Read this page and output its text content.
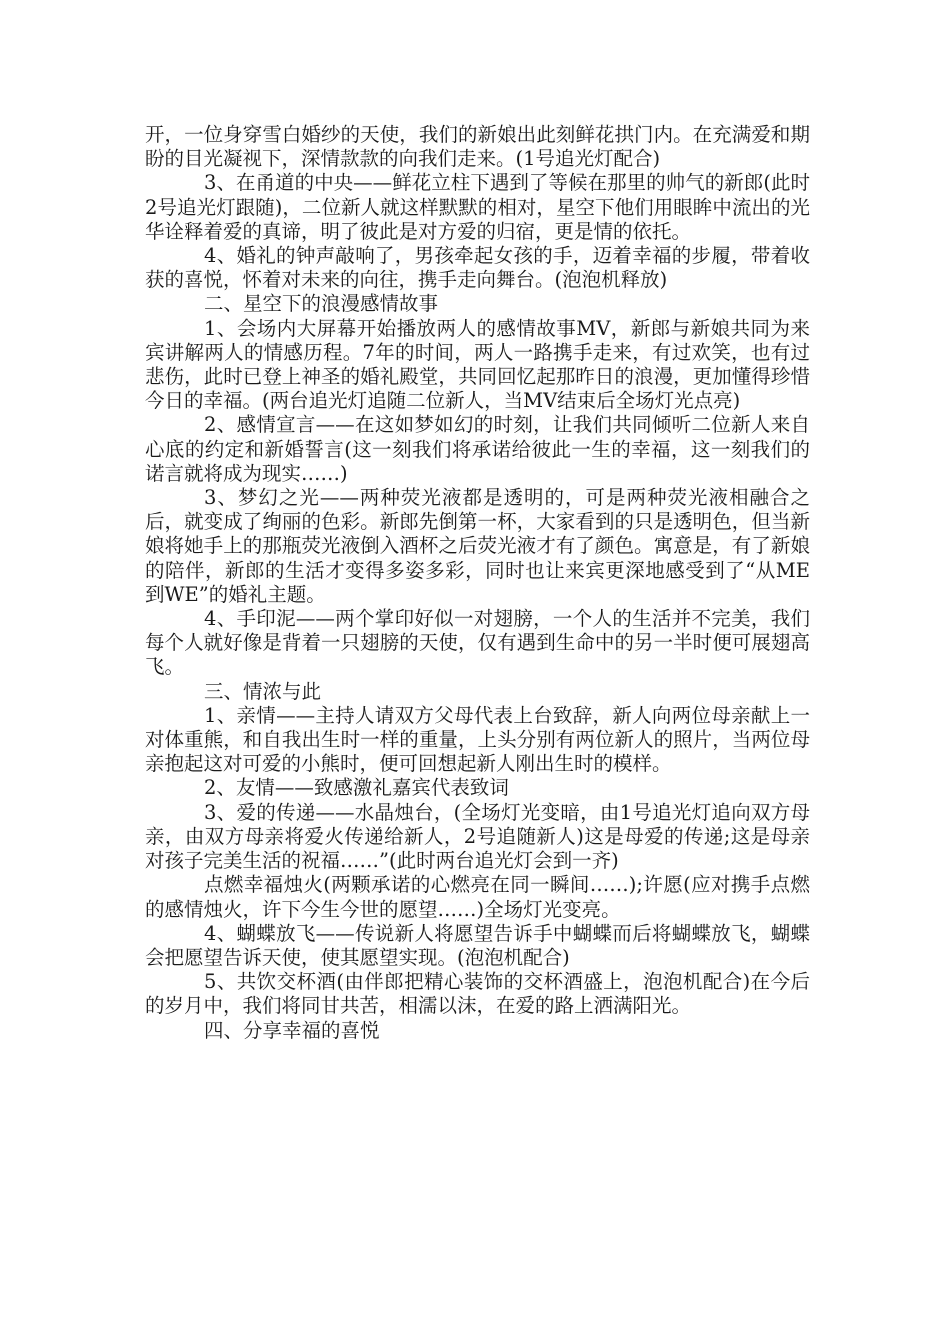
开，一位身穿雪白婚纱的天使，我们的新娘出此刻鲜花拱门内。在充满爱和期盼的目光凝视下，深情款款的向我们走来。(1号追光灯配合)

3、在甬道的中央——鲜花立柱下遇到了等候在那里的帅气的新郎(此时2号追光灯跟随)，二位新人就这样默默的相对，星空下他们用眼眸中流出的光华诠释着爱的真谛，明了彼此是对方爱的归宿，更是情的依托。

4、婚礼的钟声敲响了，男孩牵起女孩的手，迈着幸福的步履，带着收获的喜悦，怀着对未来的向往，携手走向舞台。(泡泡机释放)

二、星空下的浪漫感情故事

1、会场内大屏幕开始播放两人的感情故事MV，新郎与新娘共同为来宾讲解两人的情感历程。7年的时间，两人一路携手走来，有过欢笑，也有过悲伤，此时已登上神圣的婚礼殿堂，共同回忆起那昨日的浪漫，更加懂得珍惜今日的幸福。(两台追光灯追随二位新人，当MV结束后全场灯光点亮)

2、感情宣言——在这如梦如幻的时刻，让我们共同倾听二位新人来自心底的约定和新婚誓言(这一刻我们将承诺给彼此一生的幸福，这一刻我们的诺言就将成为现实……)

3、梦幻之光——两种荧光液都是透明的，可是两种荧光液相融合之后，就变成了绚丽的色彩。新郎先倒第一杯，大家看到的只是透明色，但当新娘将她手上的那瓶荧光液倒入酒杯之后荧光液才有了颜色。寓意是，有了新娘的陪伴，新郎的生活才变得多姿多彩，同时也让来宾更深地感受到了“从ME到WE”的婚礼主题。

4、手印泥——两个掌印好似一对翅膀，一个人的生活并不完美，我们每个人就好像是背着一只翅膀的天使，仅有遇到生命中的另一半时便可展翅高飞。

三、情浓与此

1、亲情——主持人请双方父母代表上台致辞，新人向两位母亲献上一对体重熊，和自我出生时一样的重量，上头分别有两位新人的照片，当两位母亲抱起这对可爱的小熊时，便可回想起新人刚出生时的模样。

2、友情——致感激礼嘉宾代表致词

3、爱的传递——水晶烛台，(全场灯光变暗，由1号追光灯追向双方母亲，由双方母亲将爱火传递给新人，2号追随新人)这是母爱的传递;这是母亲对孩子完美生活的祝福……”(此时两台追光灯会到一齐)

点燃幸福烛火(两颗承诺的心燃亮在同一瞬间……);许愿(应对携手点燃的感情烛火，许下今生今世的愿望……)全场灯光变亮。

4、蝴蝶放飞——传说新人将愿望告诉手中蝴蝶而后将蝴蝶放飞，蝴蝶会把愿望告诉天使，使其愿望实现。(泡泡机配合)

5、共饮交杯酒(由伴郎把精心装饰的交杯酒盛上，泡泡机配合)在今后的岁月中，我们将同甘共苦，相濡以沫，在爱的路上洒满阳光。

四、分享幸福的喜悦
